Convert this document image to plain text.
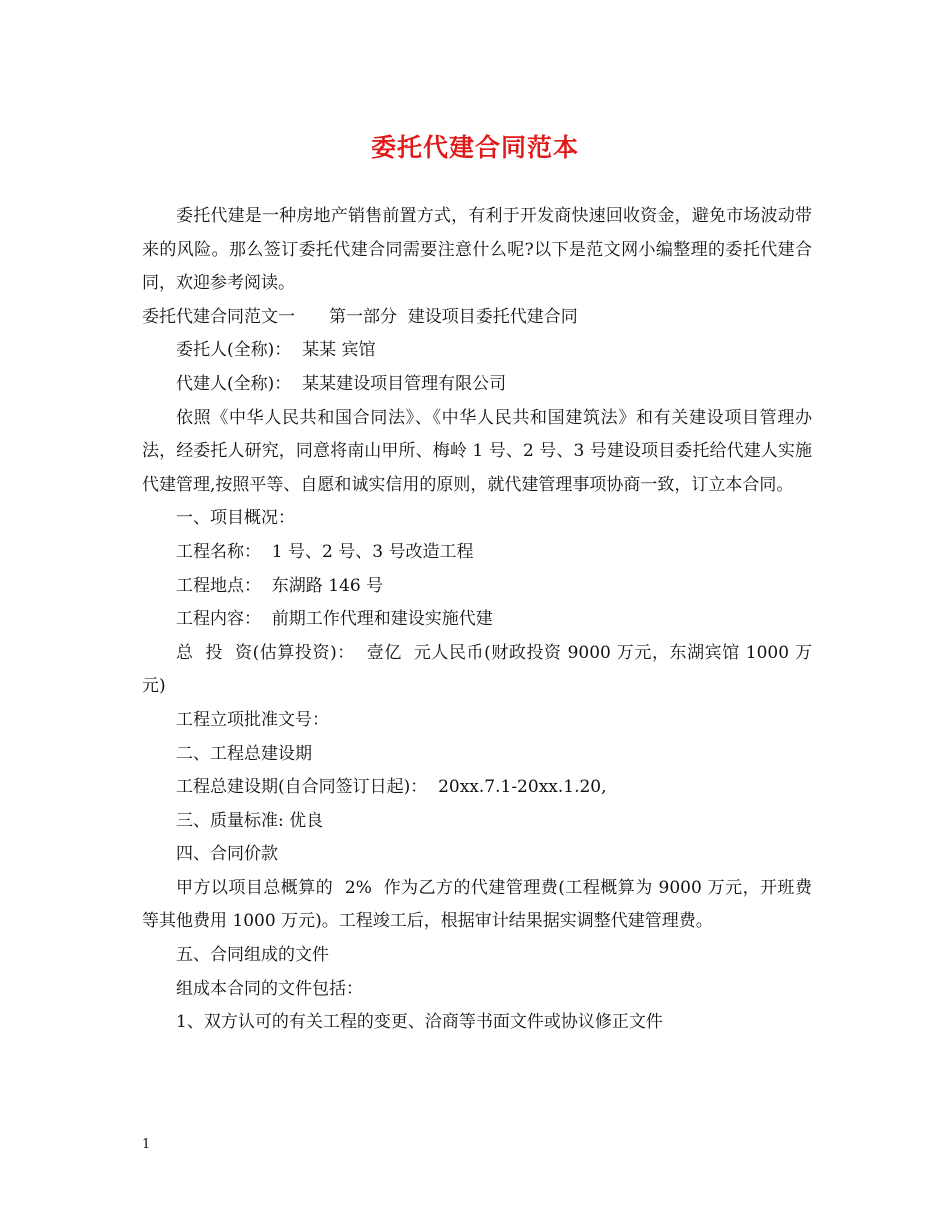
委托代建合同范本

委托代建是一种房地产销售前置方式，有利于开发商快速回收资金，避免市场波动带来的风险。那么签订委托代建合同需要注意什么呢?以下是范文网小编整理的委托代建合同，欢迎参考阅读。

委托代建合同范文一　　第一部分  建设项目委托代建合同

委托人(全称)：  某某 宾馆

代建人(全称)：  某某建设项目管理有限公司

依照《中华人民共和国合同法》、《中华人民共和国建筑法》和有关建设项目管理办法，经委托人研究，同意将南山甲所、梅岭 1 号、2 号、3 号建设项目委托给代建人实施代建管理,按照平等、自愿和诚实信用的原则，就代建管理事项协商一致，订立本合同。

一、项目概况：

工程名称：  1 号、2 号、3 号改造工程

工程地点：  东湖路 146 号

工程内容：  前期工作代理和建设实施代建

总  投  资(估算投资)：  壹亿  元人民币(财政投资 9000 万元，东湖宾馆 1000 万元)

工程立项批准文号：

二、工程总建设期

工程总建设期(自合同签订日起)：  20xx.7.1-20xx.1.20,

三、质量标准: 优良

四、合同价款

甲方以项目总概算的  2%  作为乙方的代建管理费(工程概算为 9000 万元，开班费等其他费用 1000 万元)。工程竣工后，根据审计结果据实调整代建管理费。

五、合同组成的文件

组成本合同的文件包括：

1、双方认可的有关工程的变更、洽商等书面文件或协议修正文件

1
